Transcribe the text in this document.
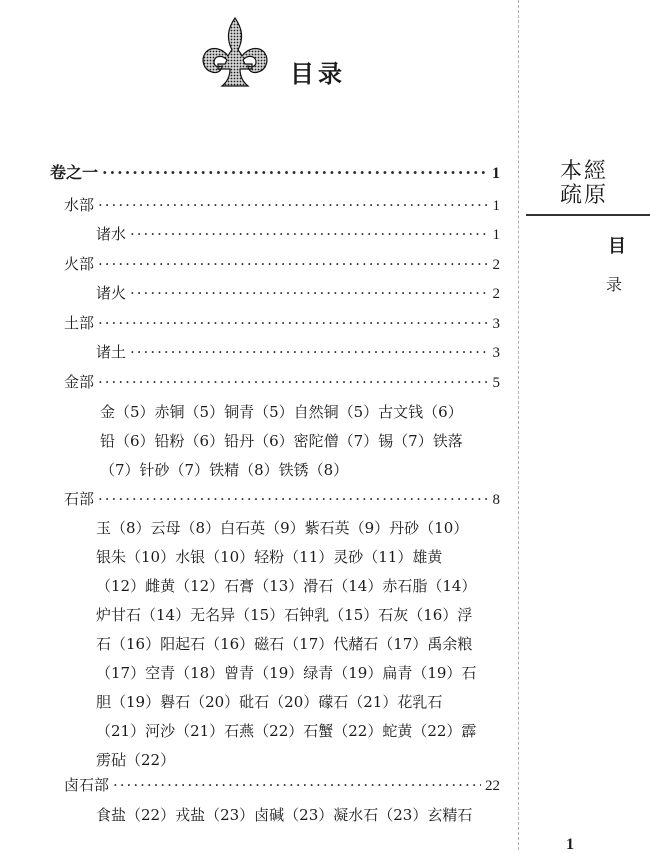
目录
卷之一 ·····	1
水部 ·····	1
诸水 ·····	1
火部 ·····	2
诸火 ·····	2
土部 ·····	3
诸土 ·····	3
金部 ·····	5
金（5）赤铜（5）铜青（5）自然铜（5）古文钱（6）
铅（6）铅粉（6）铅丹（6）密陀僧（7）锡（7）铁落
（7）针砂（7）铁精（8）铁锈（8）
石部 ·····	8
玉（8）云母（8）白石英（9）紫石英（9）丹砂（10）
银朱（10）水银（10）轻粉（11）灵砂（11）雄黄
（12）雌黄（12）石膏（13）滑石（14）赤石脂（14）
炉甘石（14）无名异（15）石钟乳（15）石灰（16）浮
石（16）阳起石（16）磁石（17）代赭石（17）禹余粮
（17）空青（18）曾青（19）绿青（19）扁青（19）石
胆（19）礜石（20）砒石（20）礞石（21）花乳石
（21）河沙（21）石燕（22）石蟹（22）蛇黄（22）霹
雳砧（22）
卤石部 ·····	22
食盐（22）戎盐（23）卤碱（23）凝水石（23）玄精石
本經
疏原
目
录
1
